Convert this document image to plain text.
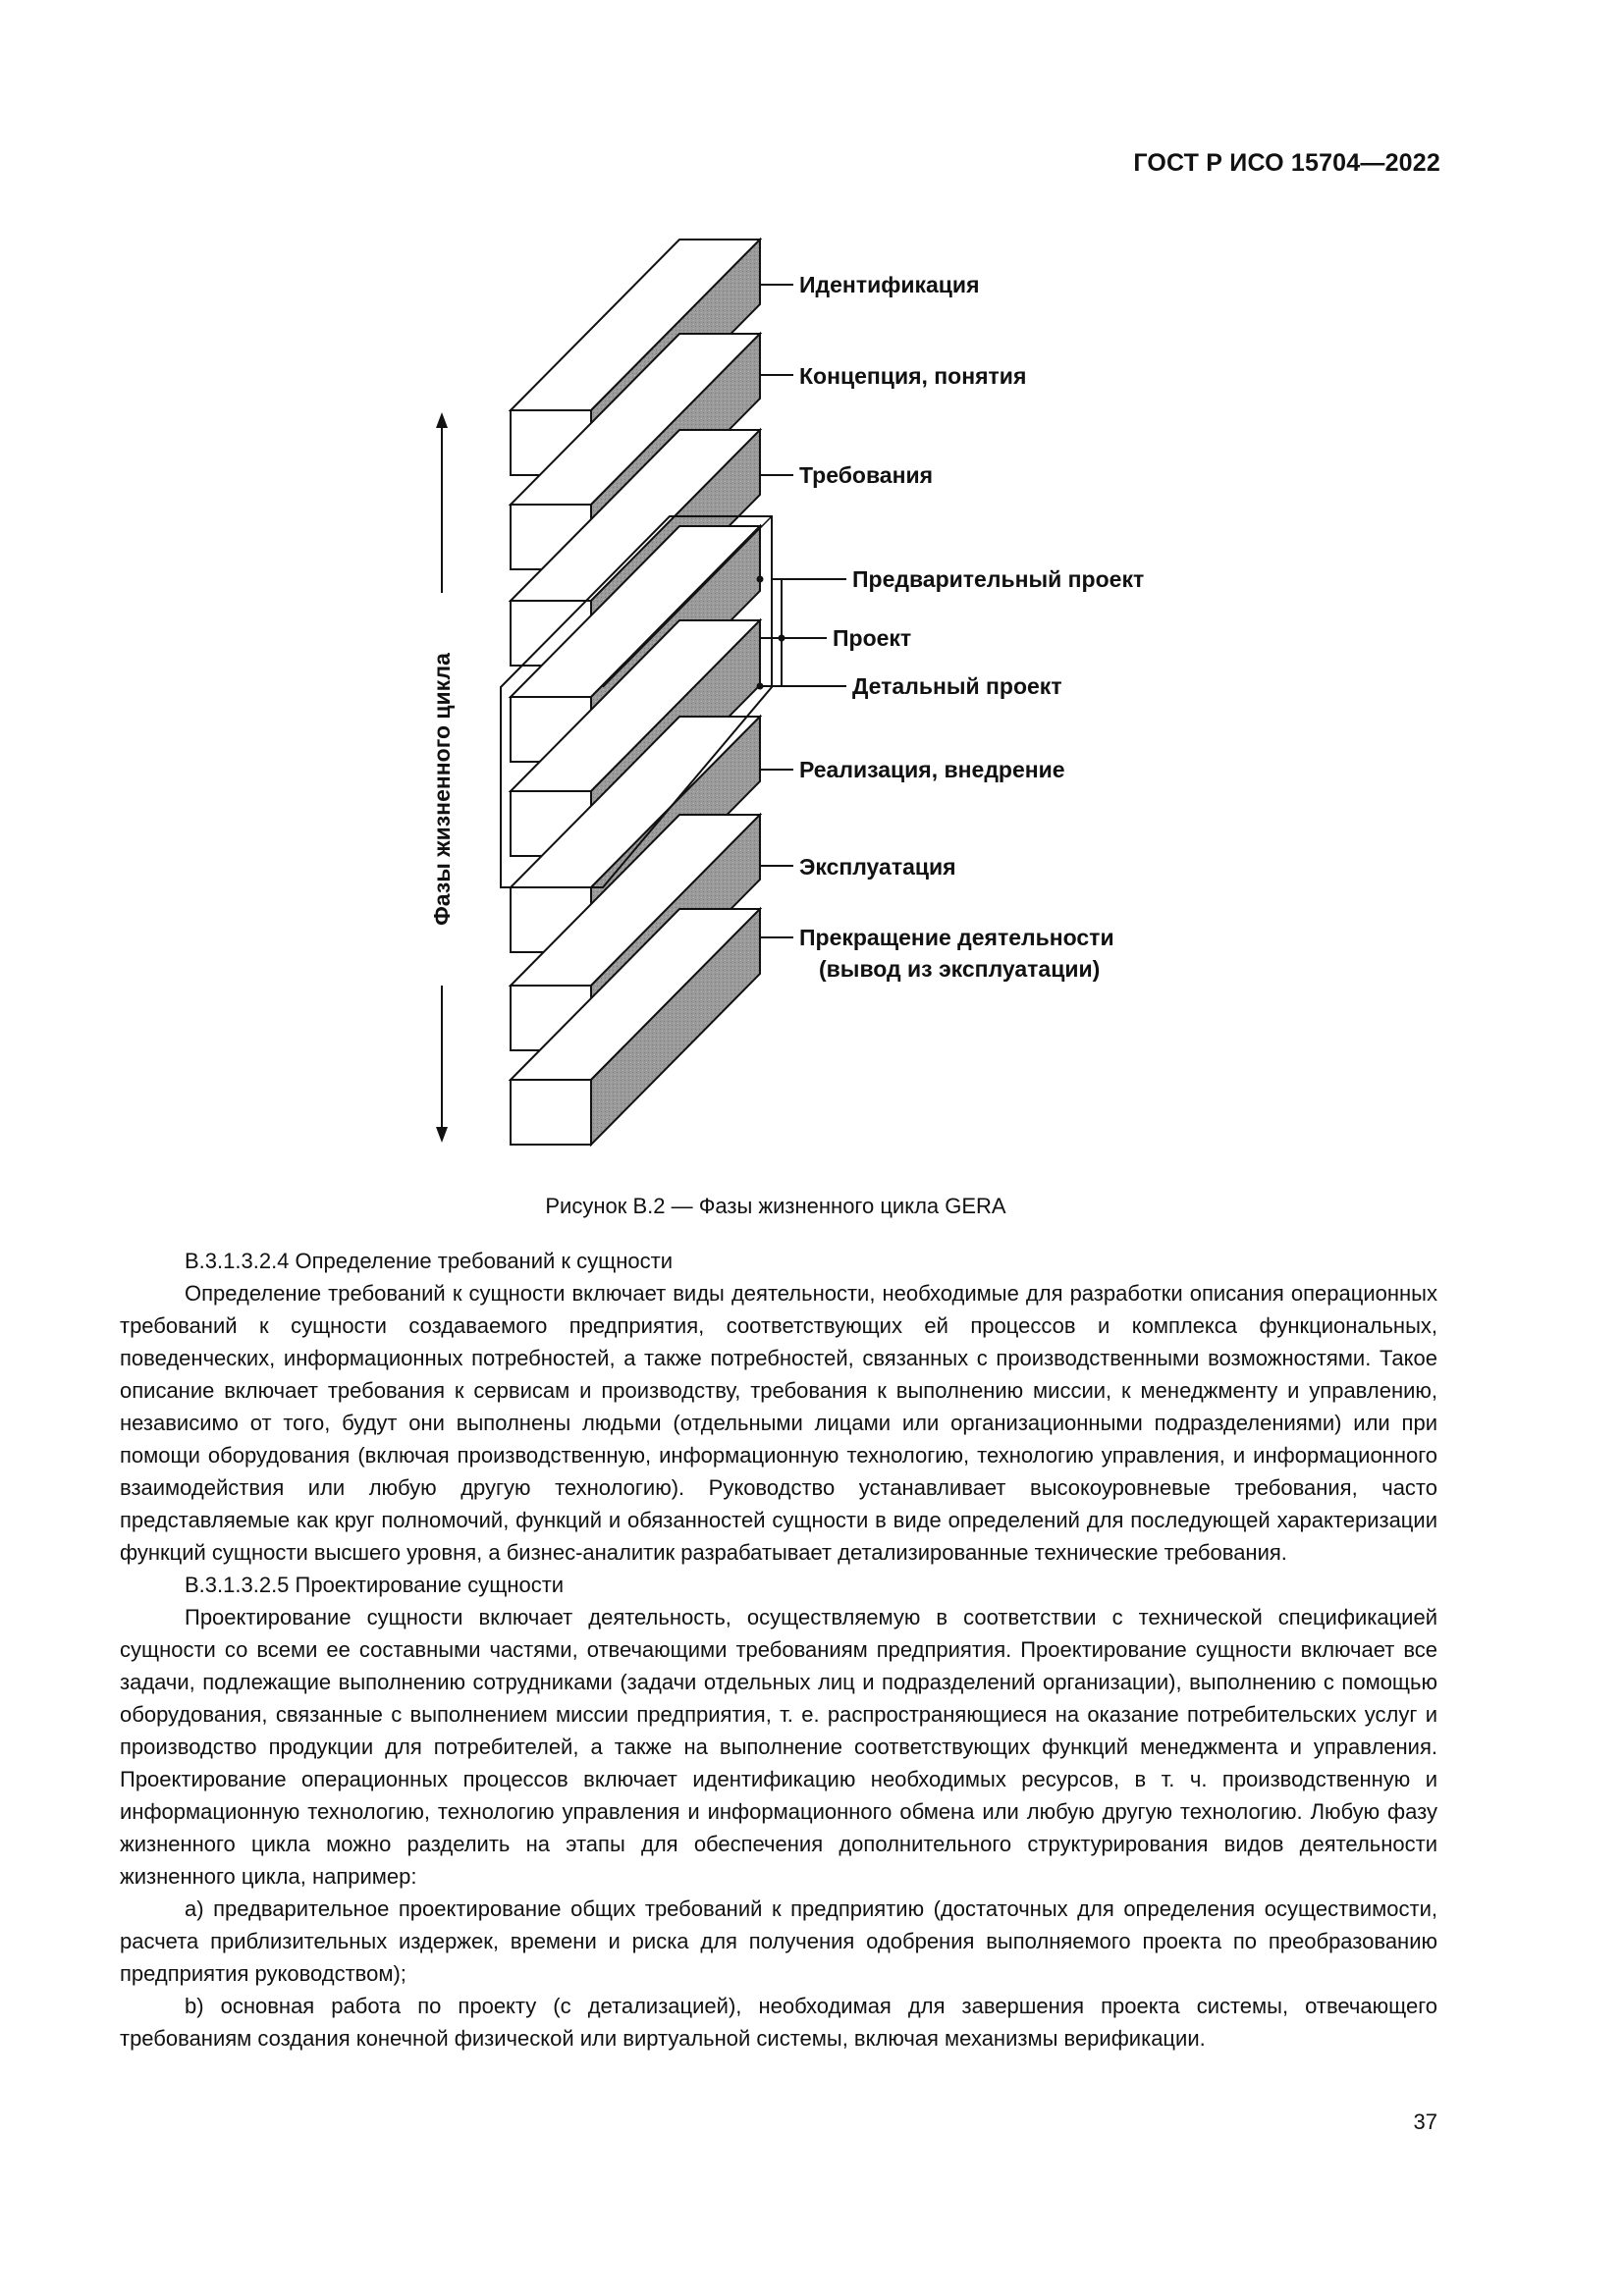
ГОСТ Р ИСО 15704—2022
Идентификация
Концепция, понятия
Требования
Предварительный проект
Проект
Детальный проект
Реализация, внедрение
Эксплуатация
Прекращение деятельности
(вывод из эксплуатации)
Фазы жизненного цикла
Рисунок В.2 — Фазы жизненного цикла GERA

В.3.1.3.2.4 Определение требований к сущности

Определение требований к сущности включает виды деятельности, необходимые для разработки описания операционных требований к сущности создаваемого предприятия, соответствующих ей процессов и комплекса функциональных, поведенческих, информационных потребностей, а также потребностей, связанных с производственными возможностями. Такое описание включает требования к сервисам и производству, требования к выполнению миссии, к менеджменту и управлению, независимо от того, будут они выполнены людьми (отдельными лицами или организационными подразделениями) или при помощи оборудования (включая производственную, информационную технологию, технологию управления, и информационного взаимодействия или любую другую технологию). Руководство устанавливает высокоуровневые требования, часто представляемые как круг полномочий, функций и обязанностей сущности в виде определений для последующей характеризации функций сущности высшего уровня, а бизнес-аналитик разрабатывает детализированные технические требования.

В.3.1.3.2.5 Проектирование сущности

Проектирование сущности включает деятельность, осуществляемую в соответствии с технической спецификацией сущности со всеми ее составными частями, отвечающими требованиям предприятия. Проектирование сущности включает все задачи, подлежащие выполнению сотрудниками (задачи отдельных лиц и подразделений организации), выполнению с помощью оборудования, связанные с выполнением миссии предприятия, т. е. распространяющиеся на оказание потребительских услуг и производство продукции для потребителей, а также на выполнение соответствующих функций менеджмента и управления. Проектирование операционных процессов включает идентификацию необходимых ресурсов, в т. ч. производственную и информационную технологию, технологию управления и информационного обмена или любую другую технологию. Любую фазу жизненного цикла можно разделить на этапы для обеспечения дополнительного структурирования видов деятельности жизненного цикла, например:

a) предварительное проектирование общих требований к предприятию (достаточных для определения осуществимости, расчета приблизительных издержек, времени и риска для получения одобрения выполняемого проекта по преобразованию предприятия руководством);

b) основная работа по проекту (с детализацией), необходимая для завершения проекта системы, отвечающего требованиям создания конечной физической или виртуальной системы, включая механизмы верификации.

37
